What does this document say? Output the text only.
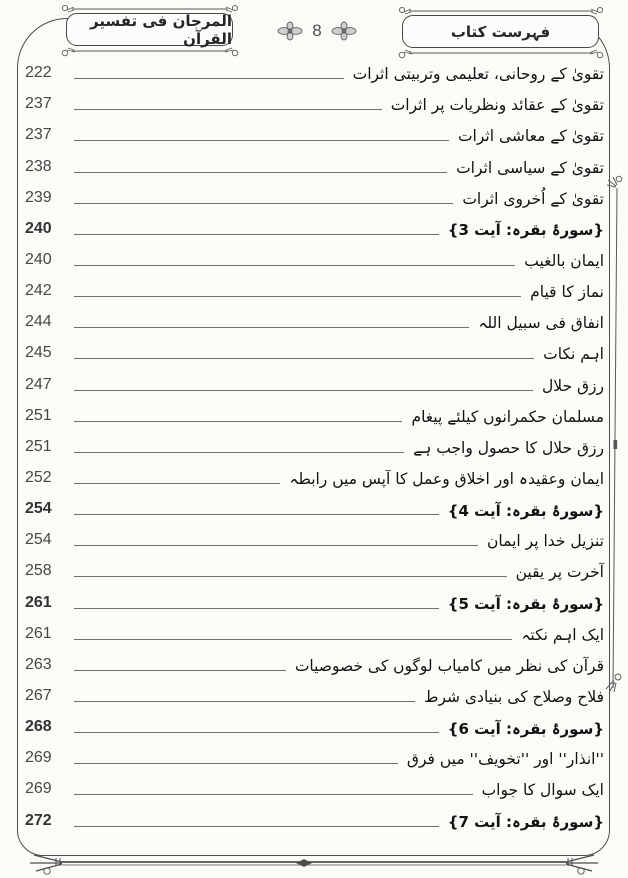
المرجان فی تفسیر القرآن	فہرست کتاب
8
222	تقویٰ کے روحانی، تعلیمی وتربیتی اثرات
237	تقویٰ کے عقائد ونظریات پر اثرات
237	تقویٰ کے معاشی اثرات
238	تقویٰ کے سیاسی اثرات
239	تقویٰ کے اُخروی اثرات
240	{سورۂ بقرہ: آیت 3}
240	ایمان بالغیب
242	نماز کا قیام
244	انفاق فی سبیل اللہ
245	اہم نکات
247	رزق حلال
251	مسلمان حکمرانوں کیلئے پیغام
251	رزق حلال کا حصول واجب ہے
252	ایمان وعقیدہ اور اخلاق وعمل کا آپس میں رابطہ
254	{سورۂ بقرہ: آیت 4}
254	تنزیل خدا پر ایمان
258	آخرت پر یقین
261	{سورۂ بقرہ: آیت 5}
261	ایک اہم نکتہ
263	قرآن کی نظر میں کامیاب لوگوں کی خصوصیات
267	فلاح وصلاح کی بنیادی شرط
268	{سورۂ بقرہ: آیت 6}
269	''انذار'' اور ''تخویف'' میں فرق
269	ایک سوال کا جواب
272	{سورۂ بقرہ: آیت 7}
